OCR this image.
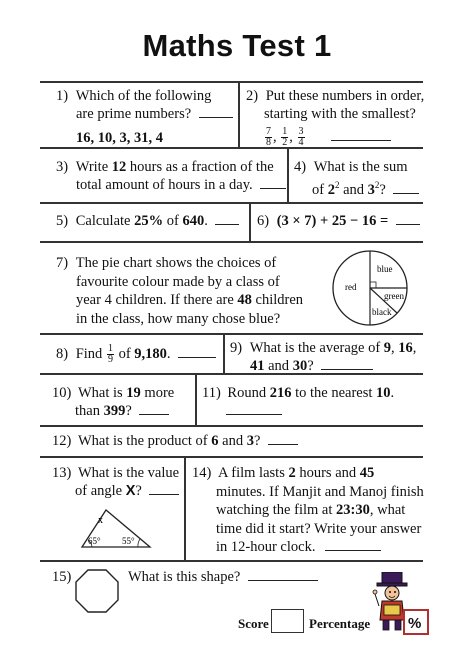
Maths Test 1
1) Which of the following
are prime numbers?
16, 10, 3, 31, 4
2) Put these numbers in order,
starting with the smallest?

$\frac{7}{8}$ , $\frac{1}{2}$ , $\frac{3}{4}$

3) Write 12 hours as a fraction of the
total amount of hours in a day.
4) What is the sum
of $2^2$ and $3^2$?
5) Calculate 25% of 640.	6) (3 × 7) + 25 − 16 =
7) The pie chart shows the choices of
favourite colour made by a class of
year 4 children. If there are 48 children
in the class, how many chose blue?
blue
red
green
black
8) Find $\frac{1}{9}$ of 9,180.	9) What is the average of 9, 16,
41 and 30?
10) What is 19 more
than 399?
11) Round 216 to the nearest 10.

12) What is the product of 6 and 3?
13) What is the value
of angle X?
x
65° 55°
14) A film lasts 2 hours and 45
minutes. If Manjit and Manoj finish
watching the film at 23:30, what
time did it start? Write your answer
in 12-hour clock.
15)	What is this shape?
Score	Percentage	%
